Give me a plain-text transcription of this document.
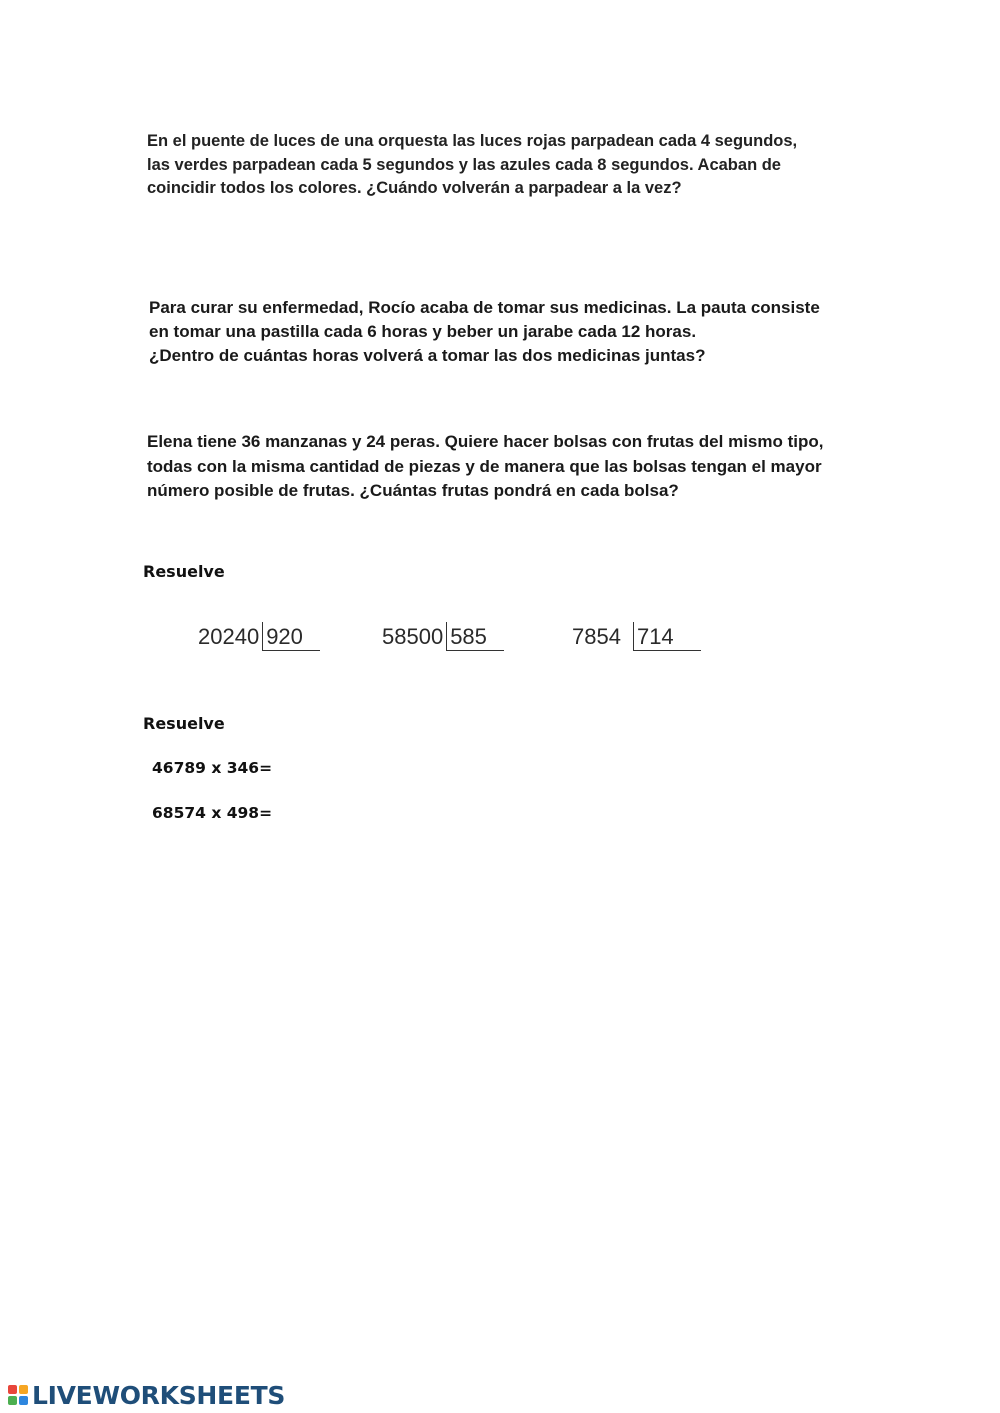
En el puente de luces de una orquesta las luces rojas parpadean cada 4 segundos,
las verdes parpadean cada 5 segundos y las azules cada 8 segundos. Acaban de
coincidir todos los colores. ¿Cuándo volverán a parpadear a la vez?

Para curar su enfermedad, Rocío acaba de tomar sus medicinas. La pauta consiste
en tomar una pastilla cada 6 horas y beber un jarabe cada 12 horas.
¿Dentro de cuántas horas volverá a tomar las dos medicinas juntas?

Elena tiene 36 manzanas y 24 peras. Quiere hacer bolsas con frutas del mismo tipo,
todas con la misma cantidad de piezas y de manera que las bolsas tengan el mayor
número posible de frutas. ¿Cuántas frutas pondrá en cada bolsa?

Resuelve
20240 920	58500 585	7854 714
Resuelve
46789 x 346=
68574 x 498=
LIVEWORKSHEETS
